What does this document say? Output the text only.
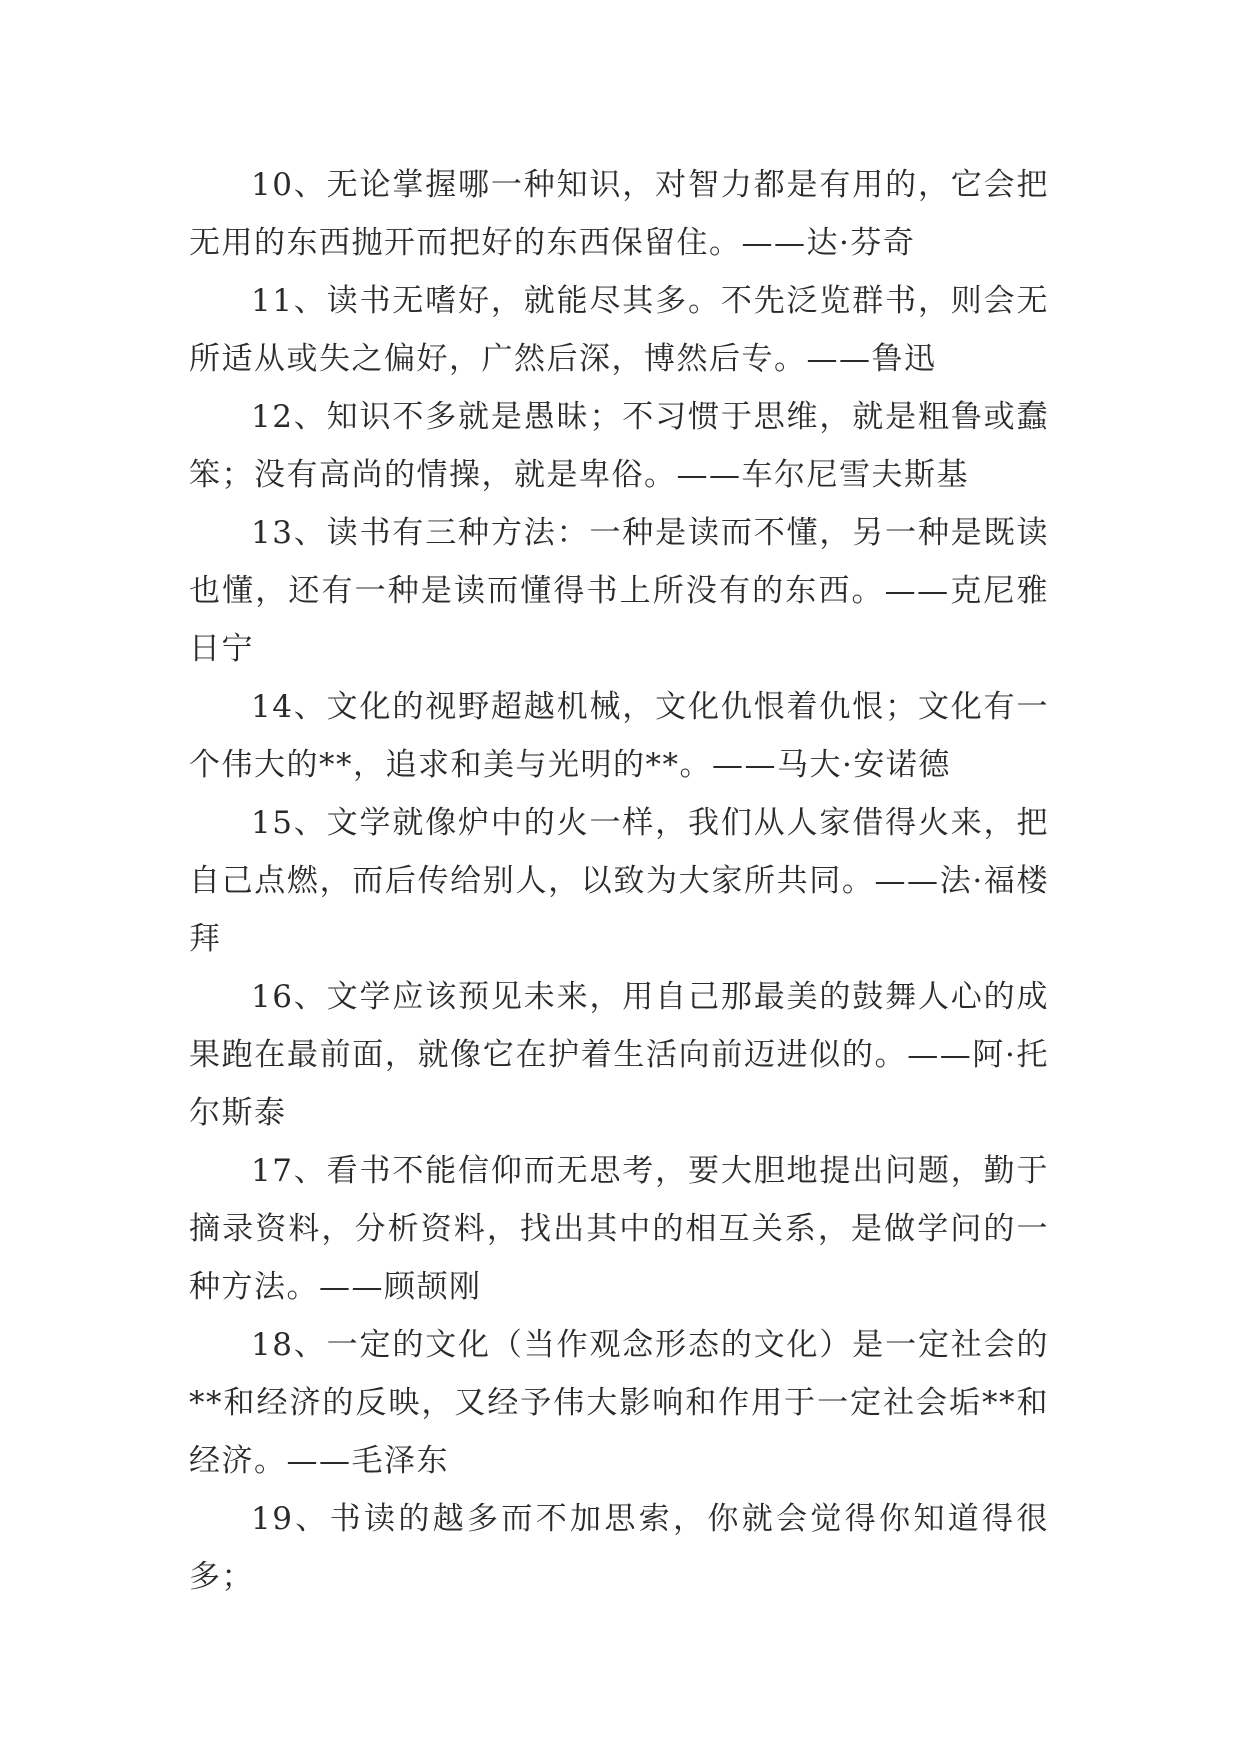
10、无论掌握哪一种知识，对智力都是有用的，它会把无用的东西抛开而把好的东西保留住。——达·芬奇

11、读书无嗜好，就能尽其多。不先泛览群书，则会无所适从或失之偏好，广然后深，博然后专。——鲁迅

12、知识不多就是愚昧；不习惯于思维，就是粗鲁或蠢笨；没有高尚的情操，就是卑俗。——车尔尼雪夫斯基

13、读书有三种方法：一种是读而不懂，另一种是既读也懂，还有一种是读而懂得书上所没有的东西。——克尼雅日宁

14、文化的视野超越机械，文化仇恨着仇恨；文化有一个伟大的**，追求和美与光明的**。——马大·安诺德

15、文学就像炉中的火一样，我们从人家借得火来，把自己点燃，而后传给别人，以致为大家所共同。——法·福楼拜

16、文学应该预见未来，用自己那最美的鼓舞人心的成果跑在最前面，就像它在护着生活向前迈进似的。——阿·托尔斯泰

17、看书不能信仰而无思考，要大胆地提出问题，勤于摘录资料，分析资料，找出其中的相互关系，是做学问的一种方法。——顾颉刚

18、一定的文化（当作观念形态的文化）是一定社会的**和经济的反映，又经予伟大影响和作用于一定社会垢**和经济。——毛泽东

19、书读的越多而不加思索，你就会觉得你知道得很多；
